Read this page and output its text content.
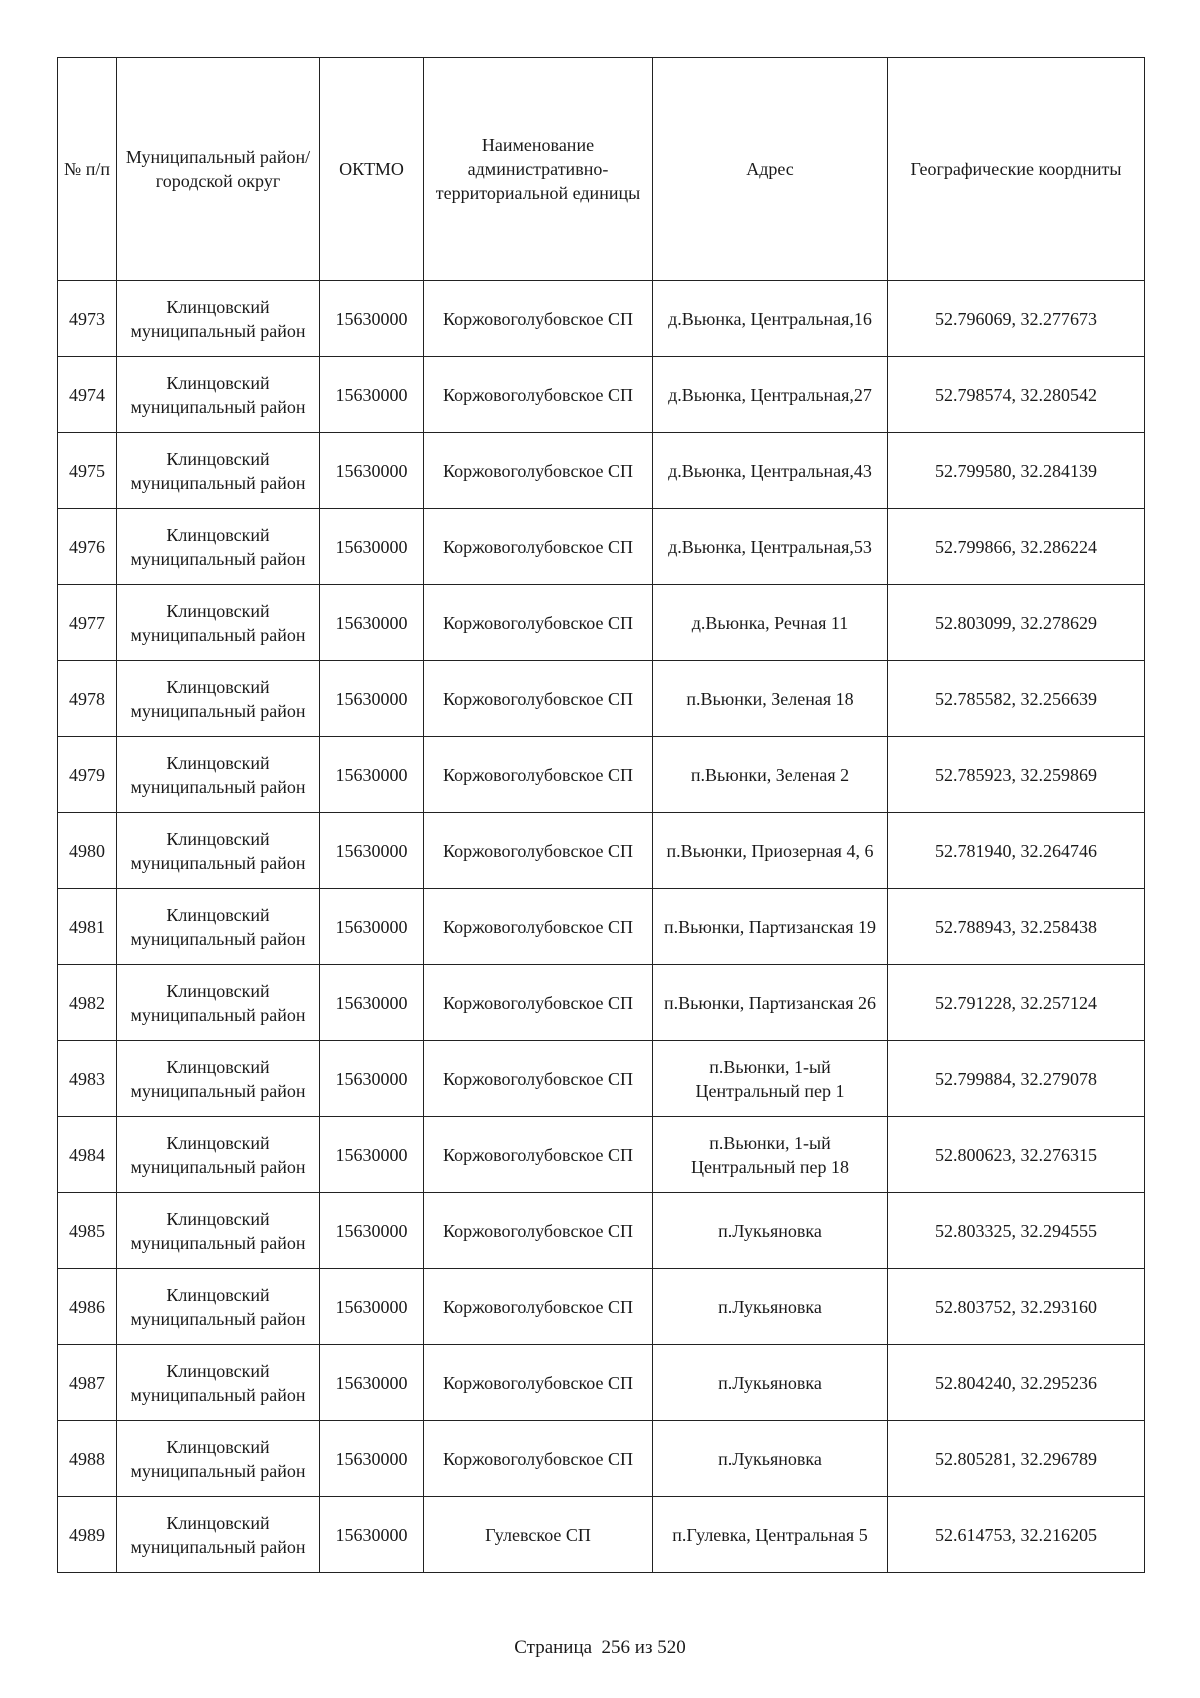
№ п/п	Муниципальный район/городской округ	ОКТМО	Наименование административно-территориальной единицы	Адрес	Географические коордниты
4973	Клинцовский муниципальный район	15630000	Коржовоголубовское СП	д.Вьюнка, Центральная,16	52.796069, 32.277673
4974	Клинцовский муниципальный район	15630000	Коржовоголубовское СП	д.Вьюнка, Центральная,27	52.798574, 32.280542
4975	Клинцовский муниципальный район	15630000	Коржовоголубовское СП	д.Вьюнка, Центральная,43	52.799580, 32.284139
4976	Клинцовский муниципальный район	15630000	Коржовоголубовское СП	д.Вьюнка, Центральная,53	52.799866, 32.286224
4977	Клинцовский муниципальный район	15630000	Коржовоголубовское СП	д.Вьюнка, Речная 11	52.803099, 32.278629
4978	Клинцовский муниципальный район	15630000	Коржовоголубовское СП	п.Вьюнки, Зеленая 18	52.785582, 32.256639
4979	Клинцовский муниципальный район	15630000	Коржовоголубовское СП	п.Вьюнки, Зеленая 2	52.785923, 32.259869
4980	Клинцовский муниципальный район	15630000	Коржовоголубовское СП	п.Вьюнки, Приозерная 4, 6	52.781940, 32.264746
4981	Клинцовский муниципальный район	15630000	Коржовоголубовское СП	п.Вьюнки, Партизанская 19	52.788943, 32.258438
4982	Клинцовский муниципальный район	15630000	Коржовоголубовское СП	п.Вьюнки, Партизанская 26	52.791228, 32.257124
4983	Клинцовский муниципальный район	15630000	Коржовоголубовское СП	п.Вьюнки, 1-ый Центральный пер 1	52.799884, 32.279078
4984	Клинцовский муниципальный район	15630000	Коржовоголубовское СП	п.Вьюнки, 1-ый Центральный пер 18	52.800623, 32.276315
4985	Клинцовский муниципальный район	15630000	Коржовоголубовское СП	п.Лукьяновка	52.803325, 32.294555
4986	Клинцовский муниципальный район	15630000	Коржовоголубовское СП	п.Лукьяновка	52.803752, 32.293160
4987	Клинцовский муниципальный район	15630000	Коржовоголубовское СП	п.Лукьяновка	52.804240, 32.295236
4988	Клинцовский муниципальный район	15630000	Коржовоголубовское СП	п.Лукьяновка	52.805281, 32.296789
4989	Клинцовский муниципальный район	15630000	Гулевское СП	п.Гулевка, Центральная 5	52.614753, 32.216205
Страница  256 из 520
